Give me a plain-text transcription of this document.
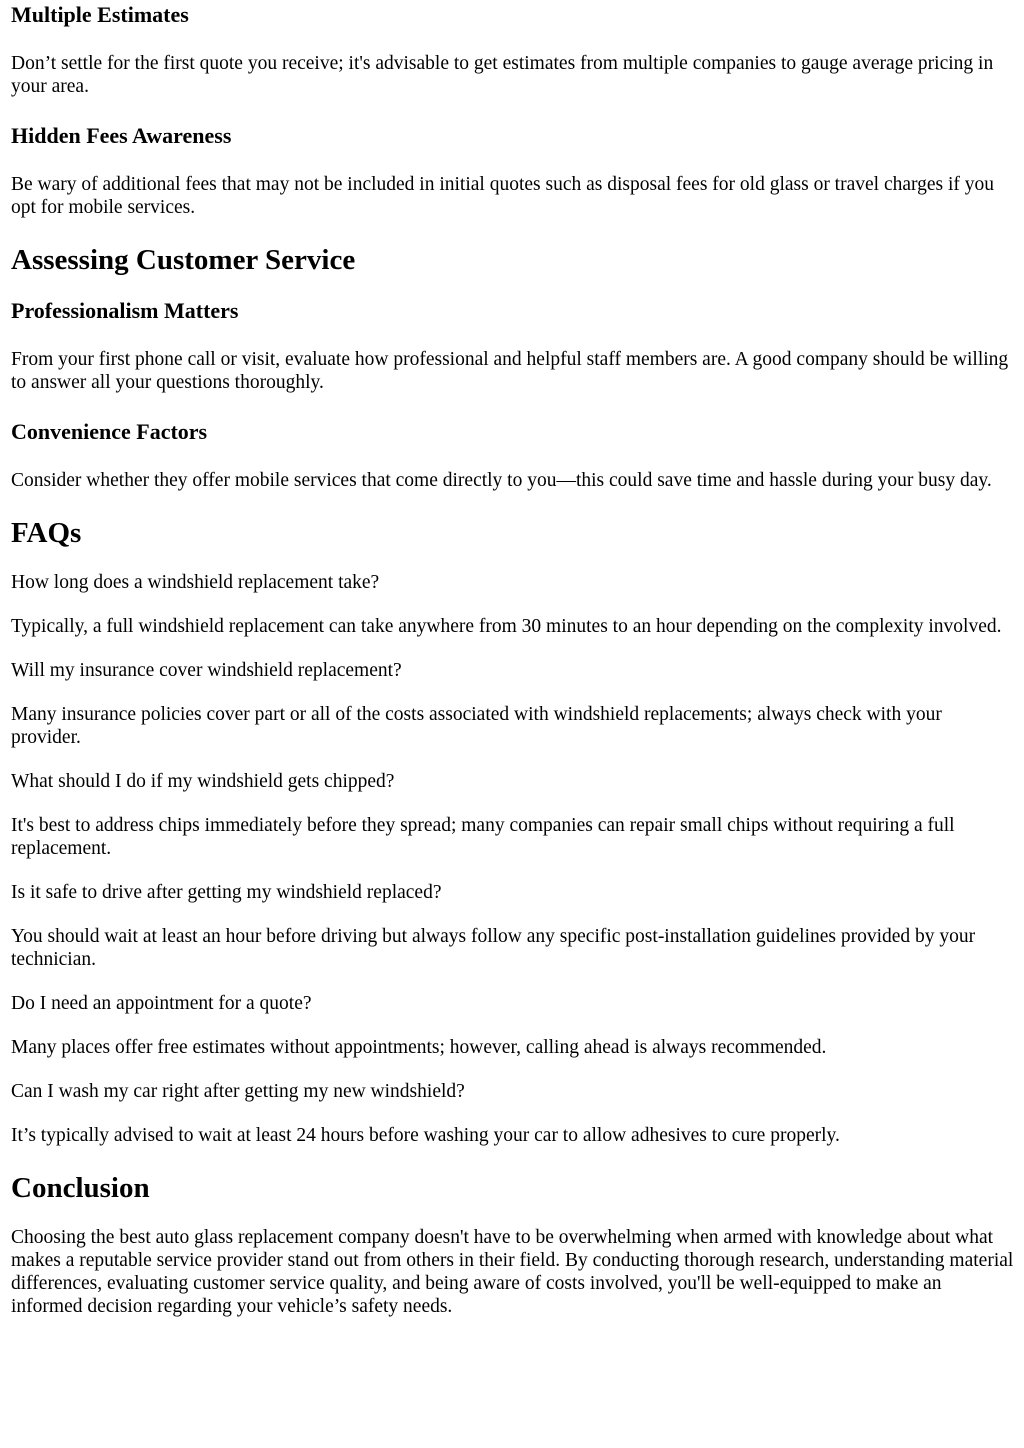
Multiple Estimates

Don’t settle for the first quote you receive; it's advisable to get estimates from multiple companies to gauge average pricing in your area.

Hidden Fees Awareness

Be wary of additional fees that may not be included in initial quotes such as disposal fees for old glass or travel charges if you opt for mobile services.

Assessing Customer Service
Professionalism Matters

From your first phone call or visit, evaluate how professional and helpful staff members are. A good company should be willing to answer all your questions thoroughly.

Convenience Factors

Consider whether they offer mobile services that come directly to you—this could save time and hassle during your busy day.

FAQs

How long does a windshield replacement take?

Typically, a full windshield replacement can take anywhere from 30 minutes to an hour depending on the complexity involved.

Will my insurance cover windshield replacement?

Many insurance policies cover part or all of the costs associated with windshield replacements; always check with your provider.

What should I do if my windshield gets chipped?

It's best to address chips immediately before they spread; many companies can repair small chips without requiring a full replacement.

Is it safe to drive after getting my windshield replaced?

You should wait at least an hour before driving but always follow any specific post-installation guidelines provided by your technician.

Do I need an appointment for a quote?

Many places offer free estimates without appointments; however, calling ahead is always recommended.

Can I wash my car right after getting my new windshield?

It’s typically advised to wait at least 24 hours before washing your car to allow adhesives to cure properly.

Conclusion

Choosing the best auto glass replacement company doesn't have to be overwhelming when armed with knowledge about what makes a reputable service provider stand out from others in their field. By conducting thorough research, understanding material differences, evaluating customer service quality, and being aware of costs involved, you'll be well-equipped to make an informed decision regarding your vehicle’s safety needs.
